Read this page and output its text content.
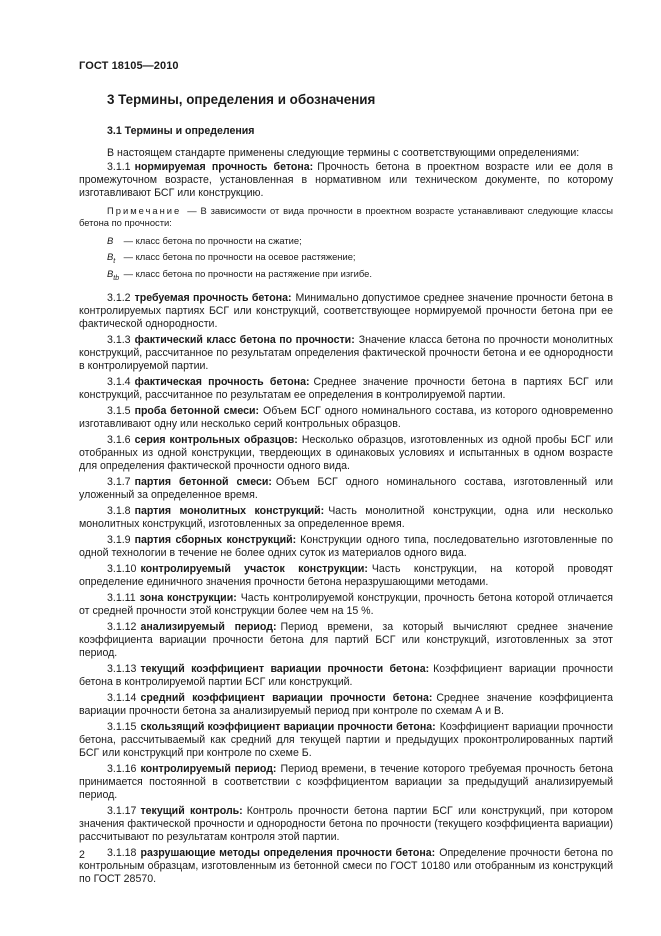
ГОСТ 18105—2010
3 Термины, определения и обозначения
3.1 Термины и определения

В настоящем стандарте применены следующие термины с соответствующими определениями:

3.1.1 нормируемая прочность бетона: Прочность бетона в проектном возрасте или ее доля в промежуточном возрасте, установленная в нормативном или техническом документе, по которому изготавливают БСГ или конструкцию.

Примечание — В зависимости от вида прочности в проектном возрасте устанавливают следующие классы бетона по прочности:

B — класс бетона по прочности на сжатие;
$B_t$ — класс бетона по прочности на осевое растяжение;
$B_{tb}$ — класс бетона по прочности на растяжение при изгибе.

3.1.2 требуемая прочность бетона: Минимально допустимое среднее значение прочности бетона в контролируемых партиях БСГ или конструкций, соответствующее нормируемой прочности бетона при ее фактической однородности.

3.1.3 фактический класс бетона по прочности: Значение класса бетона по прочности монолитных конструкций, рассчитанное по результатам определения фактической прочности бетона и ее однородности в контролируемой партии.

3.1.4 фактическая прочность бетона: Среднее значение прочности бетона в партиях БСГ или конструкций, рассчитанное по результатам ее определения в контролируемой партии.

3.1.5 проба бетонной смеси: Объем БСГ одного номинального состава, из которого одновременно изготавливают одну или несколько серий контрольных образцов.

3.1.6 серия контрольных образцов: Несколько образцов, изготовленных из одной пробы БСГ или отобранных из одной конструкции, твердеющих в одинаковых условиях и испытанных в одном возрасте для определения фактической прочности одного вида.

3.1.7 партия бетонной смеси: Объем БСГ одного номинального состава, изготовленный или уложенный за определенное время.

3.1.8 партия монолитных конструкций: Часть монолитной конструкции, одна или несколько монолитных конструкций, изготовленных за определенное время.

3.1.9 партия сборных конструкций: Конструкции одного типа, последовательно изготовленные по одной технологии в течение не более одних суток из материалов одного вида.

3.1.10 контролируемый участок конструкции: Часть конструкции, на которой проводят определение единичного значения прочности бетона неразрушающими методами.

3.1.11 зона конструкции: Часть контролируемой конструкции, прочность бетона которой отличается от средней прочности этой конструкции более чем на 15 %.

3.1.12 анализируемый период: Период времени, за который вычисляют среднее значение коэффициента вариации прочности бетона для партий БСГ или конструкций, изготовленных за этот период.

3.1.13 текущий коэффициент вариации прочности бетона: Коэффициент вариации прочности бетона в контролируемой партии БСГ или конструкций.

3.1.14 средний коэффициент вариации прочности бетона: Среднее значение коэффициента вариации прочности бетона за анализируемый период при контроле по схемам А и В.

3.1.15 скользящий коэффициент вариации прочности бетона: Коэффициент вариации прочности бетона, рассчитываемый как средний для текущей партии и предыдущих проконтролированных партий БСГ или конструкций при контроле по схеме Б.

3.1.16 контролируемый период: Период времени, в течение которого требуемая прочность бетона принимается постоянной в соответствии с коэффициентом вариации за предыдущий анализируемый период.

3.1.17 текущий контроль: Контроль прочности бетона партии БСГ или конструкций, при котором значения фактической прочности и однородности бетона по прочности (текущего коэффициента вариации) рассчитывают по результатам контроля этой партии.

3.1.18 разрушающие методы определения прочности бетона: Определение прочности бетона по контрольным образцам, изготовленным из бетонной смеси по ГОСТ 10180 или отобранным из конструкций по ГОСТ 28570.

2
